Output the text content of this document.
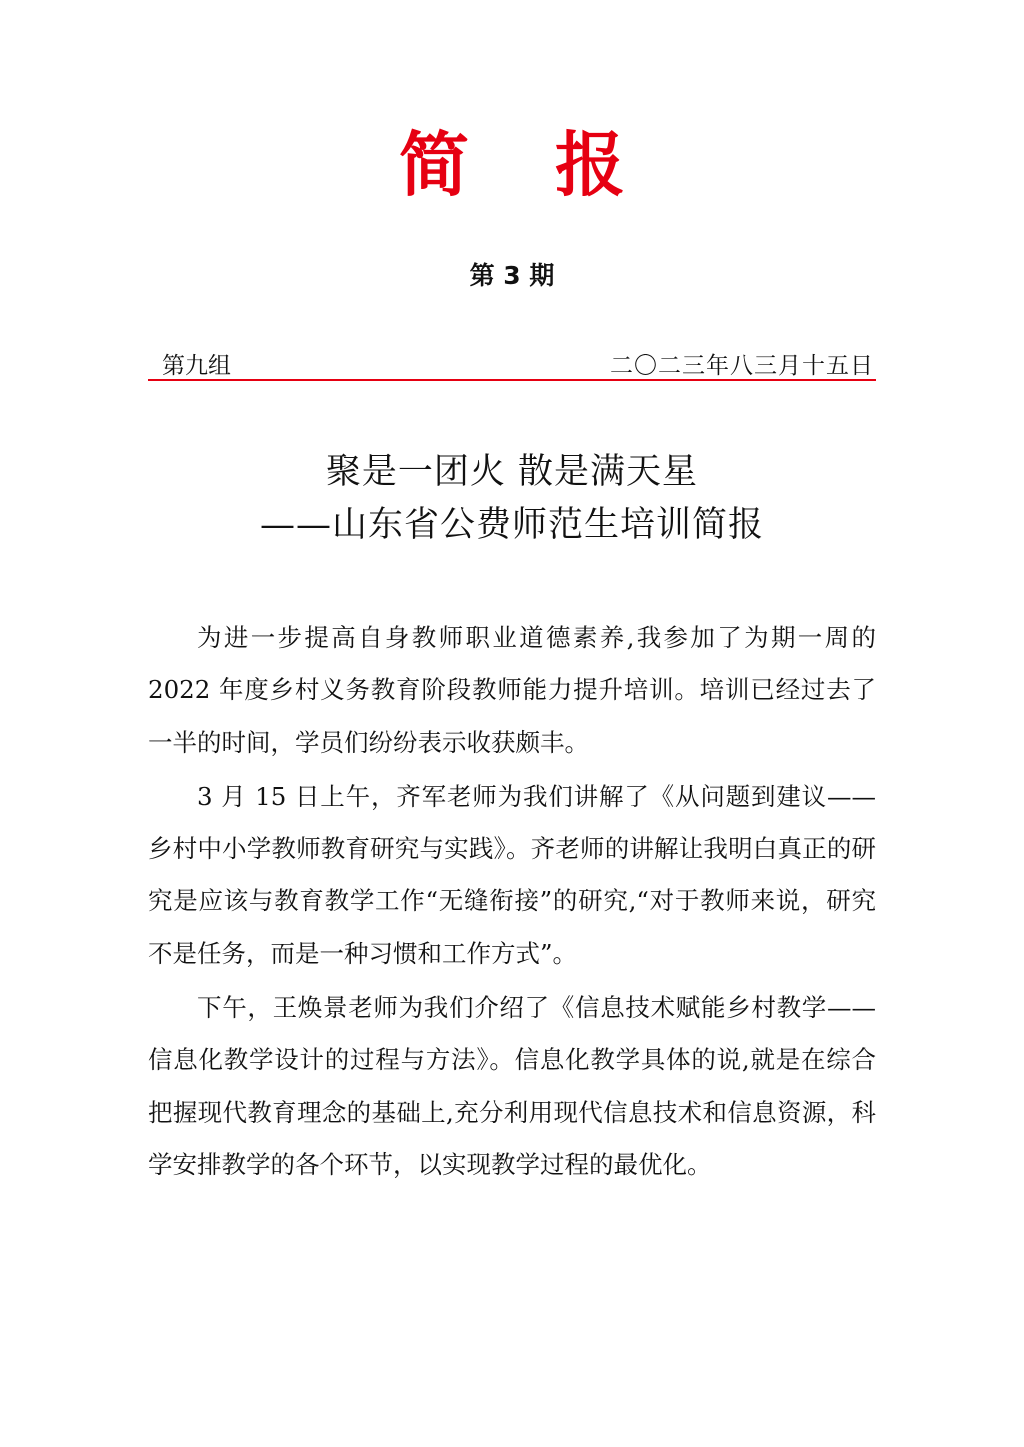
简报
第 3 期
第九组	二〇二三年八三月十五日
聚是一团火 散是满天星
——山东省公费师范生培训简报

为进一步提高自身教师职业道德素养,我参加了为期一周的 2022 年度乡村义务教育阶段教师能力提升培训。培训已经过去了一半的时间，学员们纷纷表示收获颇丰。

3 月 15 日上午，齐军老师为我们讲解了《从问题到建议——乡村中小学教师教育研究与实践》。齐老师的讲解让我明白真正的研究是应该与教育教学工作“无缝衔接”的研究,“对于教师来说，研究不是任务，而是一种习惯和工作方式”。

下午，王焕景老师为我们介绍了《信息技术赋能乡村教学——信息化教学设计的过程与方法》。信息化教学具体的说,就是在综合把握现代教育理念的基础上,充分利用现代信息技术和信息资源，科学安排教学的各个环节，以实现教学过程的最优化。
